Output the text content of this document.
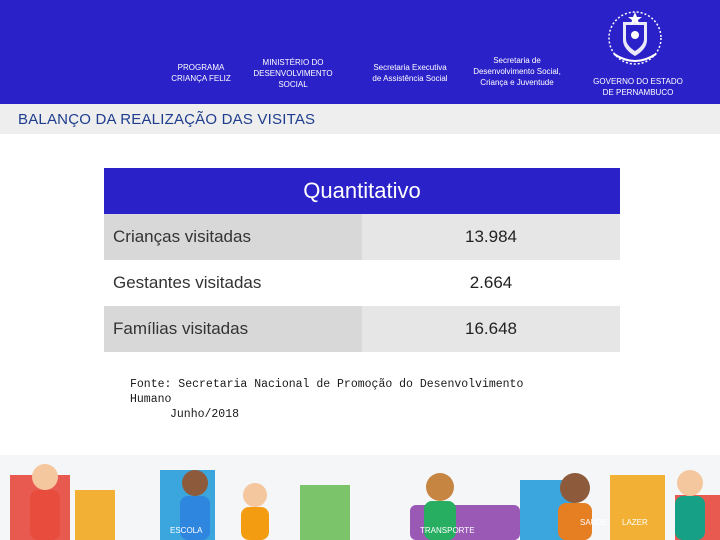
PROGRAMA
CRIANÇA FELIZ
MINISTÉRIO DO
DESENVOLVIMENTO
SOCIAL
Secretaria Executiva
de Assistência Social
Secretaria de
Desenvolvimento Social,
Criança e Juventude	GOVERNO DO ESTADO
DE PERNAMBUCO
BALANÇO DA REALIZAÇÃO DAS VISITAS
Quantitativo
Crianças visitadas	13.984
Gestantes visitadas	2.664
Famílias visitadas	16.648
Fonte: Secretaria Nacional de Promoção do Desenvolvimento Humano
Junho/2018
ESCOLA	TRANSPORTE
SAÚDE LAZER
